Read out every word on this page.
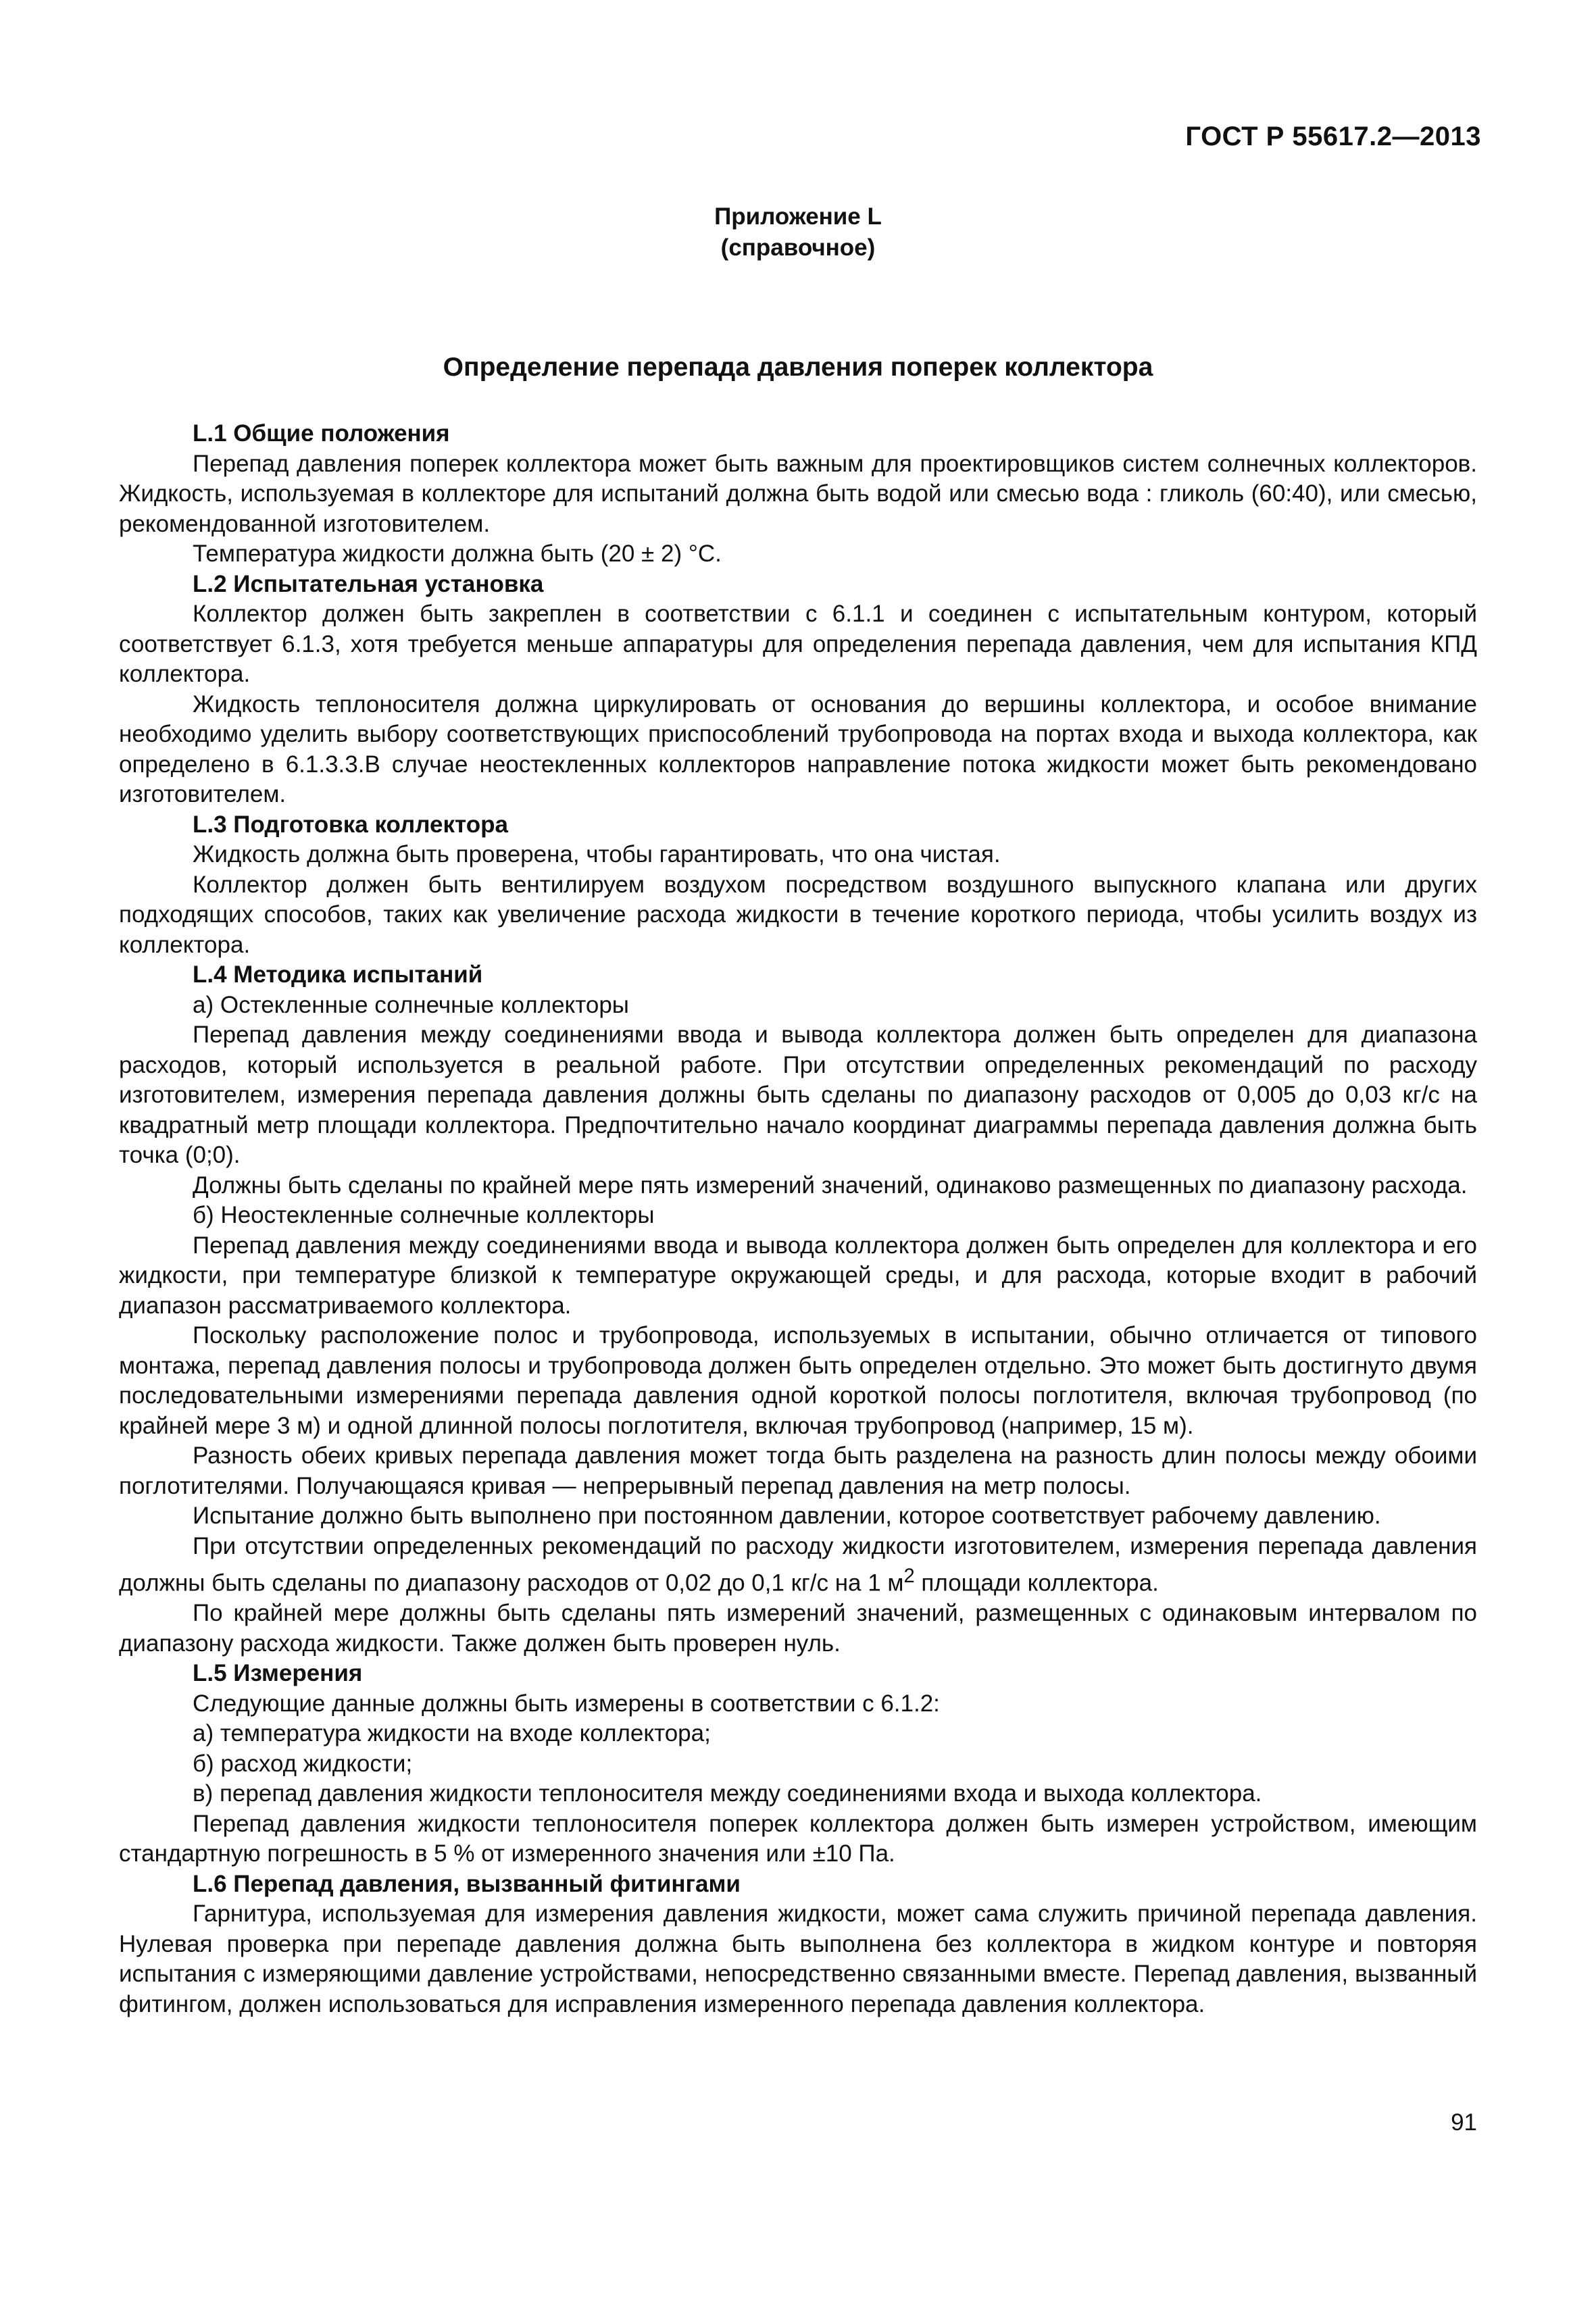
ГОСТ Р 55617.2—2013
Приложение L
(справочное)
Определение перепада давления поперек коллектора

L.1 Общие положения

Перепад давления поперек коллектора может быть важным для проектировщиков систем солнечных коллекторов. Жидкость, используемая в коллекторе для испытаний должна быть водой или смесью вода : гликоль (60:40), или смесью, рекомендованной изготовителем.

Температура жидкости должна быть (20 ± 2) °С.

L.2 Испытательная установка

Коллектор должен быть закреплен в соответствии с 6.1.1 и соединен с испытательным контуром, который соответствует 6.1.3, хотя требуется меньше аппаратуры для определения перепада давления, чем для испытания КПД коллектора.

Жидкость теплоносителя должна циркулировать от основания до вершины коллектора, и особое внимание необходимо уделить выбору соответствующих приспособлений трубопровода на портах входа и выхода коллектора, как определено в 6.1.3.3.В случае неостекленных коллекторов направление потока жидкости может быть рекомендовано изготовителем.

L.3 Подготовка коллектора

Жидкость должна быть проверена, чтобы гарантировать, что она чистая.

Коллектор должен быть вентилируем воздухом посредством воздушного выпускного клапана или других подходящих способов, таких как увеличение расхода жидкости в течение короткого периода, чтобы усилить воздух из коллектора.

L.4 Методика испытаний

а) Остекленные солнечные коллекторы

Перепад давления между соединениями ввода и вывода коллектора должен быть определен для диапазона расходов, который используется в реальной работе. При отсутствии определенных рекомендаций по расходу изготовителем, измерения перепада давления должны быть сделаны по диапазону расходов от 0,005 до 0,03 кг/с на квадратный метр площади коллектора. Предпочтительно начало координат диаграммы перепада давления должна быть точка (0;0).

Должны быть сделаны по крайней мере пять измерений значений, одинаково размещенных по диапазону расхода.

б) Неостекленные солнечные коллекторы

Перепад давления между соединениями ввода и вывода коллектора должен быть определен для коллектора и его жидкости, при температуре близкой к температуре окружающей среды, и для расхода, которые входит в рабочий диапазон рассматриваемого коллектора.

Поскольку расположение полос и трубопровода, используемых в испытании, обычно отличается от типового монтажа, перепад давления полосы и трубопровода должен быть определен отдельно. Это может быть достигнуто двумя последовательными измерениями перепада давления одной короткой полосы поглотителя, включая трубопровод (по крайней мере 3 м) и одной длинной полосы поглотителя, включая трубопровод (например, 15 м).

Разность обеих кривых перепада давления может тогда быть разделена на разность длин полосы между обоими поглотителями. Получающаяся кривая — непрерывный перепад давления на метр полосы.

Испытание должно быть выполнено при постоянном давлении, которое соответствует рабочему давлению.

При отсутствии определенных рекомендаций по расходу жидкости изготовителем, измерения перепада давления должны быть сделаны по диапазону расходов от 0,02 до 0,1 кг/с на 1 $м^2$ площади коллектора.

По крайней мере должны быть сделаны пять измерений значений, размещенных с одинаковым интервалом по диапазону расхода жидкости. Также должен быть проверен нуль.

L.5 Измерения

Следующие данные должны быть измерены в соответствии с 6.1.2:

а) температура жидкости на входе коллектора;

б) расход жидкости;

в) перепад давления жидкости теплоносителя между соединениями входа и выхода коллектора.

Перепад давления жидкости теплоносителя поперек коллектора должен быть измерен устройством, имеющим стандартную погрешность в 5 % от измеренного значения или ±10 Па.

L.6 Перепад давления, вызванный фитингами

Гарнитура, используемая для измерения давления жидкости, может сама служить причиной перепада давления. Нулевая проверка при перепаде давления должна быть выполнена без коллектора в жидком контуре и повторяя испытания с измеряющими давление устройствами, непосредственно связанными вместе. Перепад давления, вызванный фитингом, должен использоваться для исправления измеренного перепада давления коллектора.

91
